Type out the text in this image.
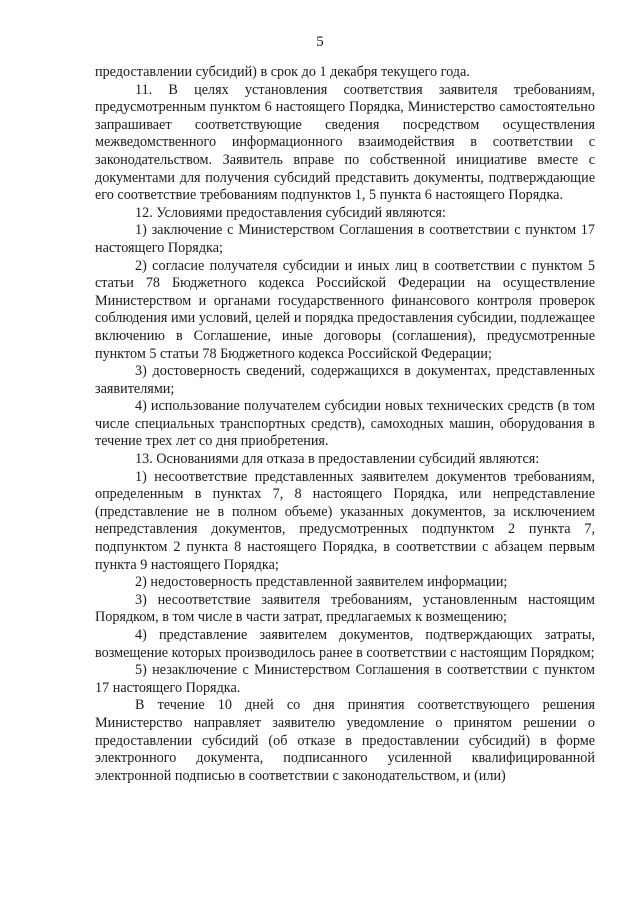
5

предоставлении субсидий) в срок до 1 декабря текущего года.

11. В целях установления соответствия заявителя требованиям, предусмотренным пунктом 6 настоящего Порядка, Министерство самостоятельно запрашивает соответствующие сведения посредством осуществления межведомственного информационного взаимодействия в соответствии с законодательством. Заявитель вправе по собственной инициативе вместе с документами для получения субсидий представить документы, подтверждающие его соответствие требованиям подпунктов 1, 5 пункта 6 настоящего Порядка.

12. Условиями предоставления субсидий являются:

1) заключение с Министерством Соглашения в соответствии с пунктом 17 настоящего Порядка;

2) согласие получателя субсидии и иных лиц в соответствии с пунктом 5 статьи 78 Бюджетного кодекса Российской Федерации на осуществление Министерством и органами государственного финансового контроля проверок соблюдения ими условий, целей и порядка предоставления субсидии, подлежащее включению в Соглашение, иные договоры (соглашения), предусмотренные пунктом 5 статьи 78 Бюджетного кодекса Российской Федерации;

3) достоверность сведений, содержащихся в документах, представленных заявителями;

4) использование получателем субсидии новых технических средств (в том числе специальных транспортных средств), самоходных машин, оборудования в течение трех лет со дня приобретения.

13. Основаниями для отказа в предоставлении субсидий являются:

1) несоответствие представленных заявителем документов требованиям, определенным в пунктах 7, 8 настоящего Порядка, или непредставление (представление не в полном объеме) указанных документов, за исключением непредставления документов, предусмотренных подпунктом 2 пункта 7, подпунктом 2 пункта 8 настоящего Порядка, в соответствии с абзацем первым пункта 9 настоящего Порядка;

2) недостоверность представленной заявителем информации;

3) несоответствие заявителя требованиям, установленным настоящим Порядком, в том числе в части затрат, предлагаемых к возмещению;

4) представление заявителем документов, подтверждающих затраты, возмещение которых производилось ранее в соответствии с настоящим Порядком;

5) незаключение с Министерством Соглашения в соответствии с пунктом 17 настоящего Порядка.

В течение 10 дней со дня принятия соответствующего решения Министерство направляет заявителю уведомление о принятом решении о предоставлении субсидий (об отказе в предоставлении субсидий) в форме электронного документа, подписанного усиленной квалифицированной электронной подписью в соответствии с законодательством, и (или)
